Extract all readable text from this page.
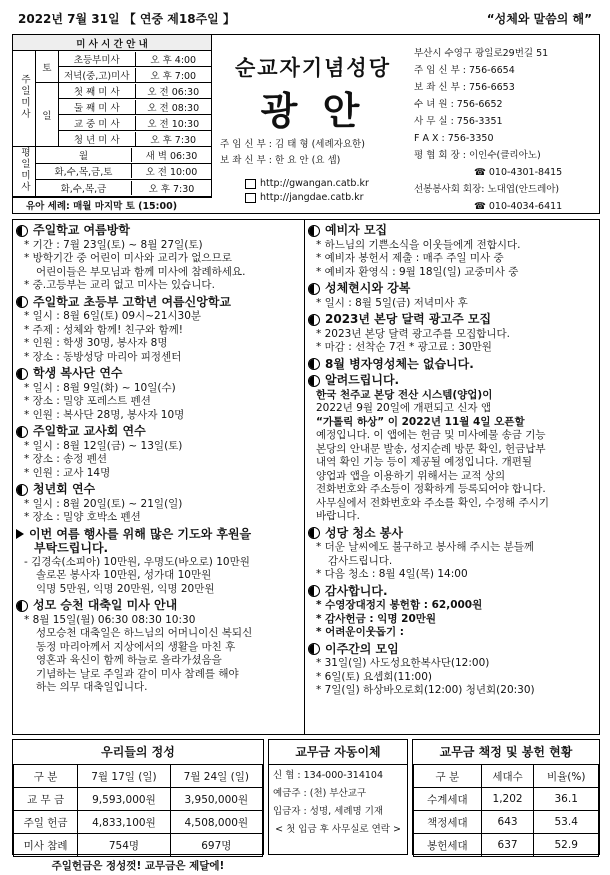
2022년 7월 31일 【 연중 제18주일 】	“성체와 말씀의 해”
미 사 시 간 안 내		
주일미사	토	초등부미사 오 후 4:00

		저녁(중,고)미사 오 후 7:00

	일	첫 째 미 사 오 전 06:30

		둘 째 미 사 오 전 08:30

		교 중 미 사 오 전 10:30

		청 년 미 사 오 후 7:30

평일미사	월 새 벽 06:30	

	화,수,목,금,토 오 전 10:00	

	화,수,목,금 오 후 7:30	
유아 세례: 매월 마지막 토 (15:00)
순교자기념성당
광 안
주 임 신 부 : 김 태 형 (세례자요한)
보 좌 신 부 : 한 요 안 (요 셉)
http://gwangan.catb.kr
http://jangdae.catb.kr
부산시 수영구 광일로29번길 51
주 임 신 부 : 756-6654
보 좌 신 부 : 756-6653
수 녀 원 : 756-6652
사 무 실 : 756-3351
F A X : 756-3350
평 협 회 장 : 이인수(클리아노)
☎ 010-4301-8415
선봉봉사회 회장: 노대엽(안드레아)
☎ 010-4034-6411
주일학교 여름방학

* 기간 : 7월 23일(토) ~ 8월 27일(토)

* 방학기간 중 어린이 미사와 교리가 없으므로

어린이들은 부모님과 함께 미사에 참례하세요.

* 중.고등부는 교리 없고 미사는 있습니다.

주일학교 초등부 고학년 여름신앙학교

* 일시 : 8월 6일(토) 09시~21시30분

* 주제 : 성체와 함께! 친구와 함께!

* 인원 : 학생 30명, 봉사자 8명

* 장소 : 동방성당 마리아 피정센터

학생 복사단 연수

* 일시 : 8월 9일(화) ~ 10일(수)

* 장소 : 밀양 포레스트 펜션

* 인원 : 복사단 28명, 봉사자 10명

주일학교 교사회 연수

* 일시 : 8월 12일(금) ~ 13일(토)

* 장소 : 송정 펜션

* 인원 : 교사 14명

청년회 연수

* 일시 : 8월 20일(토) ~ 21일(일)

* 장소 : 밀양 호박소 펜션

이번 여름 행사를 위해 많은 기도와 후원을

부탁드립니다.

- 김경숙(소피아) 10만원, 우명도(바오로) 10만원

솔로몬 봉사자 10만원, 성가대 10만원

익명 5만원, 익명 20만원, 익명 20만원

성모 승천 대축일 미사 안내

* 8월 15일(월) 06:30 08:30 10:30

성모승천 대축일은 하느님의 어머니이신 복되신

동정 마리아께서 지상에서의 생활을 마친 후

영혼과 육신이 함께 하늘로 올라가셨음을

기념하는 날로 주일과 같이 미사 참례를 해야

하는 의무 대축일입니다.

예비자 모집

* 하느님의 기쁜소식을 이웃들에게 전합시다.

* 예비자 봉헌서 제출 : 매주 주일 미사 중

* 예비자 환영식 : 9월 18일(일) 교중미사 중

성체현시와 강복

* 일시 : 8월 5일(금) 저녁미사 후

2023년 본당 달력 광고주 모집

* 2023년 본당 달력 광고주를 모집합니다.

* 마감 : 선착순 7건 * 광고료 : 30만원

8월 병자영성체는 없습니다.
알려드립니다.

한국 천주교 본당 전산 시스템(양업)이

2022년 9월 20일에 개편되고 신자 앱

“가톨릭 하상” 이 2022년 11월 4일 오픈할

예정입니다. 이 앱에는 헌금 및 미사예물 송금 기능

본당의 안내문 발송, 성지순례 방문 확인, 헌금납부

내역 확인 기능 등이 제공될 예정입니다. 개편될

양업과 앱을 이용하기 위해서는 교적 상의

전화번호와 주소등이 정확하게 등록되어야 합니다.

사무실에서 전화번호와 주소를 확인, 수정해 주시기

바랍니다.

성당 청소 봉사

* 더운 날씨에도 불구하고 봉사해 주시는 분들께

감사드립니다.

* 다음 청소 : 8월 4일(목) 14:00

감사합니다.

* 수영장대정지 봉헌함 : 62,000원

* 감사헌금 : 익명 20만원

* 어려운이웃돕기 :

이주간의 모임

* 31일(일) 사도성요한복사단(12:00)

* 6일(토) 요셉회(11:00)

* 7일(일) 하상바오로회(12:00) 청년회(20:30)

우리들의 정성
구 분	7월 17일 (일)	7월 24일 (일)
교 무 금	9,593,000원	3,950,000원
주일 헌금	4,833,100원	4,508,000원
미사 참례	754명	697명
주일헌금은 정성껏! 교무금은 제달에!
교무금 자동이체
신 협 : 134-000-314104
예금주 : (천) 부산교구
입금자 : 성명, 세례명 기재
< 첫 입금 후 사무실로 연락 >
교무금 책정 및 봉헌 현황
구 분	세대수	비율(%)
수계세대	1,202	36.1
책정세대	643	53.4
봉헌세대	637	52.9
